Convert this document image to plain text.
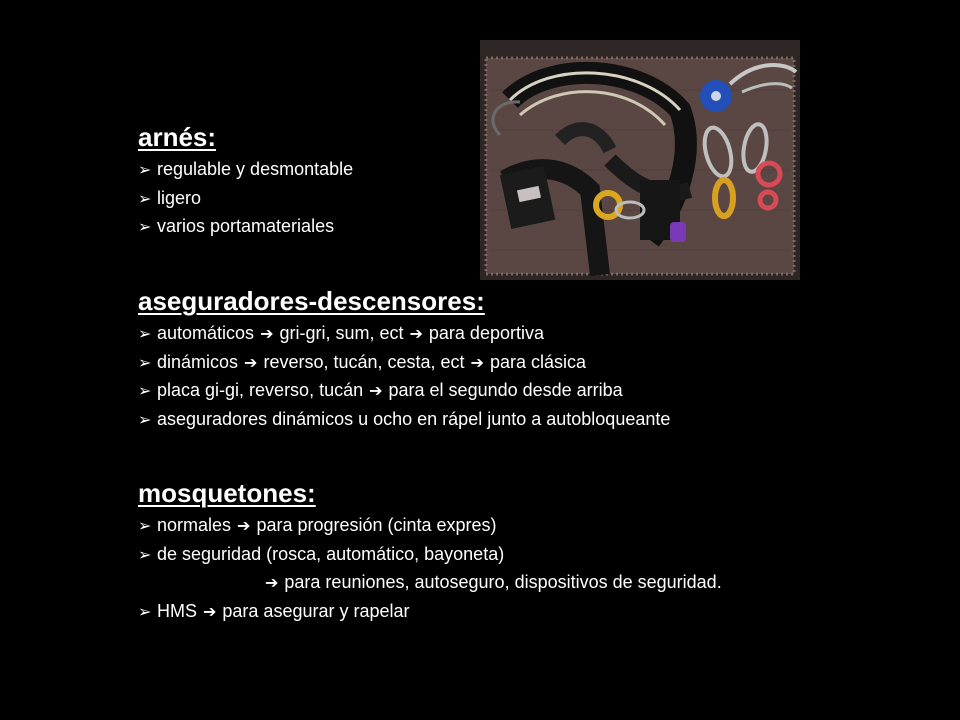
arnés:
➢ regulable y desmontable
➢ ligero
➢ varios portamateriales
aseguradores-descensores:
➢ automáticos ➔ gri-gri, sum, ect ➔ para deportiva
➢ dinámicos ➔ reverso, tucán, cesta, ect ➔ para clásica
➢ placa gi-gi, reverso, tucán ➔ para el segundo desde arriba
➢ aseguradores dinámicos u ocho en rápel junto a autobloqueante
mosquetones:
➢ normales ➔ para progresión (cinta expres)
➢ de seguridad (rosca, automático, bayoneta)
➔ para reuniones, autoseguro, dispositivos de seguridad.
➢ HMS ➔ para asegurar y rapelar
